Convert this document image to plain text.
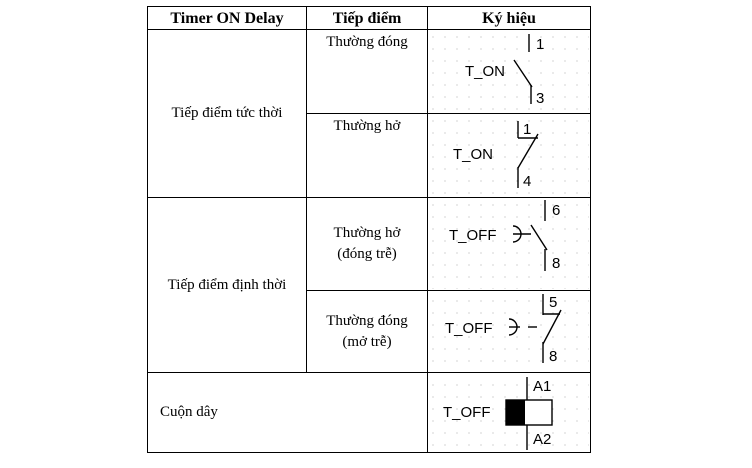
Timer ON Delay	Tiếp điểm	Ký hiệu
Tiếp điểm tức thời
Tiếp điểm định thời
Cuộn dây
Thường đóng
Thường hở
Thường hở
(đóng trễ)
Thường đóng
(mở trễ)
T_ON
1
3
T_ON
1
4
T_OFF
6
8
T_OFF
5
8
T_OFF
A1
A2
